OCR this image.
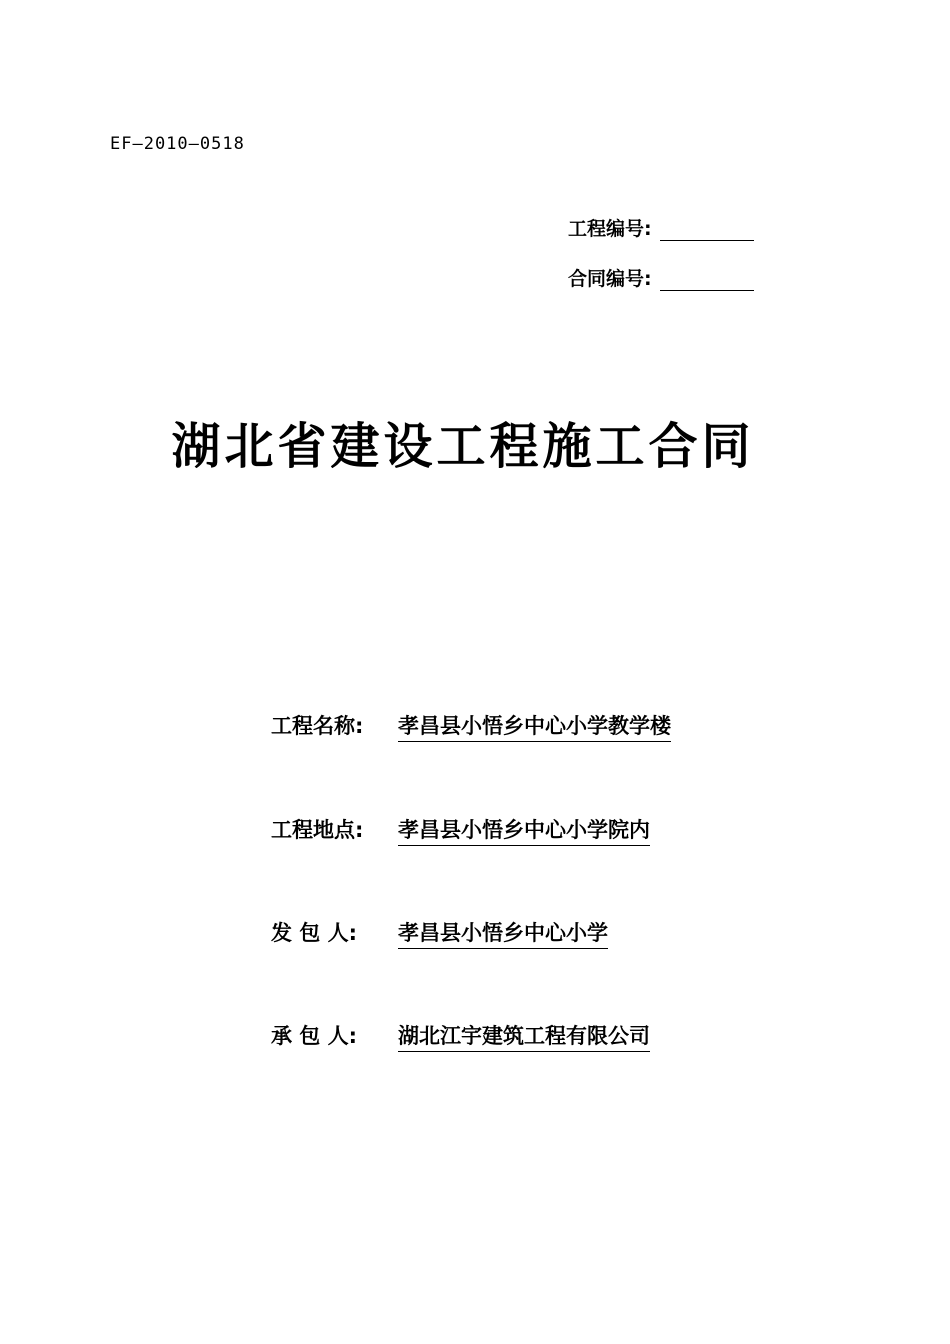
EF—2010—0518
工程编号:
合同编号:
湖北省建设工程施工合同
工程名称: 孝昌县小悟乡中心小学教学楼
工程地点: 孝昌县小悟乡中心小学院内
发 包 人: 孝昌县小悟乡中心小学
承 包 人: 湖北江宇建筑工程有限公司
